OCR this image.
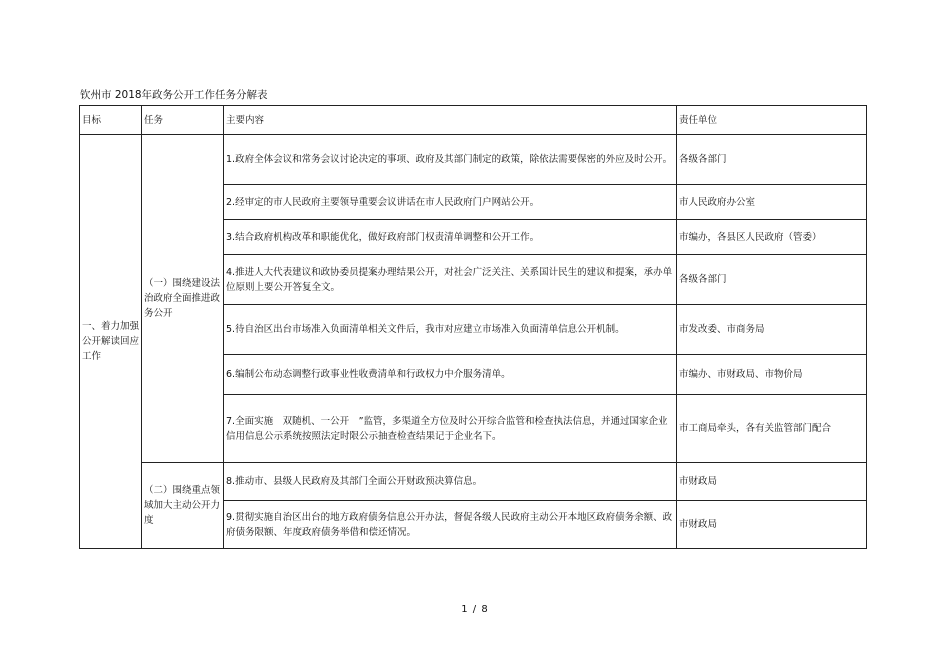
钦州市 2018年政务公开工作任务分解表
目标	任务	主要内容	责任单位
一、着力加强公开解读回应工作	（一）围绕建设法治政府全面推进政务公开	1.政府全体会议和常务会议讨论决定的事项、政府及其部门制定的政策，除依法需要保密的外应及时公开。	各级各部门
		2.经审定的市人民政府主要领导重要会议讲话在市人民政府门户网站公开。	市人民政府办公室
		3.结合政府机构改革和职能优化，做好政府部门权责清单调整和公开工作。	市编办，各县区人民政府（管委）
		4.推进人大代表建议和政协委员提案办理结果公开，对社会广泛关注、关系国计民生的建议和提案，承办单位原则上要公开答复全文。	各级各部门
		5.待自治区出台市场准入负面清单相关文件后，我市对应建立市场准入负面清单信息公开机制。	市发改委、市商务局
		6.编制公布动态调整行政事业性收费清单和行政权力中介服务清单。	市编办、市财政局、市物价局
		7.全面实施　双随机、一公开　”监管，多渠道全方位及时公开综合监管和检查执法信息，并通过国家企业信用信息公示系统按照法定时限公示抽查检查结果记于企业名下。	市工商局牵头，各有关监管部门配合
	（二）围绕重点领域加大主动公开力度	8.推动市、县级人民政府及其部门全面公开财政预决算信息。	市财政局
		9.贯彻实施自治区出台的地方政府债务信息公开办法，督促各级人民政府主动公开本地区政府债务余额、政府债务限额、年度政府债务举借和偿还情况。	市财政局
1 / 8
